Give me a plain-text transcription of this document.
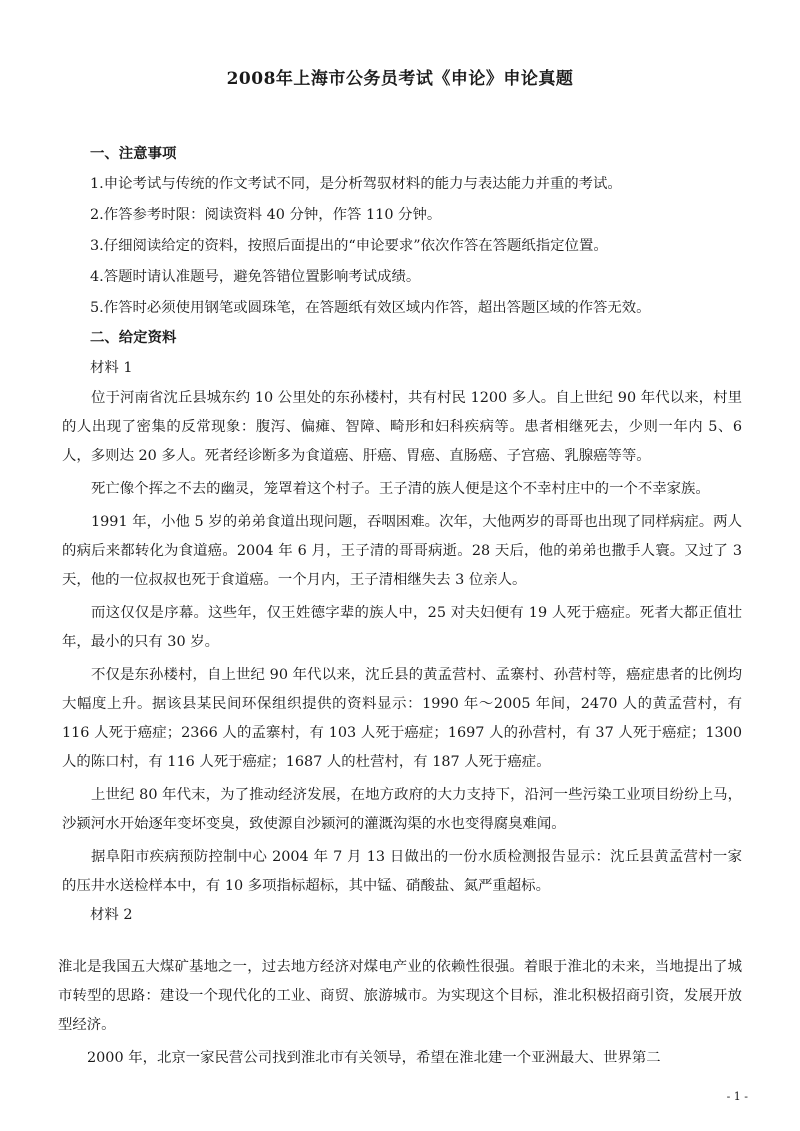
2008年上海市公务员考试《申论》申论真题

一、注意事项

1.申论考试与传统的作文考试不同，是分析驾驭材料的能力与表达能力并重的考试。

2.作答参考时限：阅读资料 40 分钟，作答 110 分钟。

3.仔细阅读给定的资料，按照后面提出的“申论要求”依次作答在答题纸指定位置。

4.答题时请认准题号，避免答错位置影响考试成绩。

5.作答时必须使用钢笔或圆珠笔，在答题纸有效区域内作答，超出答题区域的作答无效。

二、给定资料

材料 1

位于河南省沈丘县城东约 10 公里处的东孙楼村，共有村民 1200 多人。自上世纪 90 年代以来，村里的人出现了密集的反常现象：腹泻、偏瘫、智障、畸形和妇科疾病等。患者相继死去，少则一年内 5、6 人，多则达 20 多人。死者经诊断多为食道癌、肝癌、胃癌、直肠癌、子宫癌、乳腺癌等等。

死亡像个挥之不去的幽灵，笼罩着这个村子。王子清的族人便是这个不幸村庄中的一个不幸家族。

1991 年，小他 5 岁的弟弟食道出现问题，吞咽困难。次年，大他两岁的哥哥也出现了同样病症。两人的病后来都转化为食道癌。2004 年 6 月，王子清的哥哥病逝。28 天后，他的弟弟也撒手人寰。又过了 3 天，他的一位叔叔也死于食道癌。一个月内，王子清相继失去 3 位亲人。

而这仅仅是序幕。这些年，仅王姓德字辈的族人中，25 对夫妇便有 19 人死于癌症。死者大都正值壮年，最小的只有 30 岁。

不仅是东孙楼村，自上世纪 90 年代以来，沈丘县的黄孟营村、孟寨村、孙营村等，癌症患者的比例均大幅度上升。据该县某民间环保组织提供的资料显示：1990 年～2005 年间，2470 人的黄孟营村，有 116 人死于癌症；2366 人的孟寨村，有 103 人死于癌症；1697 人的孙营村，有 37 人死于癌症；1300 人的陈口村，有 116 人死于癌症；1687 人的杜营村，有 187 人死于癌症。

上世纪 80 年代末，为了推动经济发展，在地方政府的大力支持下，沿河一些污染工业项目纷纷上马，沙颍河水开始逐年变坏变臭，致使源自沙颍河的灌溉沟渠的水也变得腐臭难闻。

据阜阳市疾病预防控制中心 2004 年 7 月 13 日做出的一份水质检测报告显示：沈丘县黄孟营村一家的压井水送检样本中，有 10 多项指标超标，其中锰、硝酸盐、氮严重超标。

材料 2

淮北是我国五大煤矿基地之一，过去地方经济对煤电产业的依赖性很强。着眼于淮北的未来，当地提出了城市转型的思路：建设一个现代化的工业、商贸、旅游城市。为实现这个目标，淮北积极招商引资，发展开放型经济。

2000 年，北京一家民营公司找到淮北市有关领导，希望在淮北建一个亚洲最大、世界第二

- 1 -
